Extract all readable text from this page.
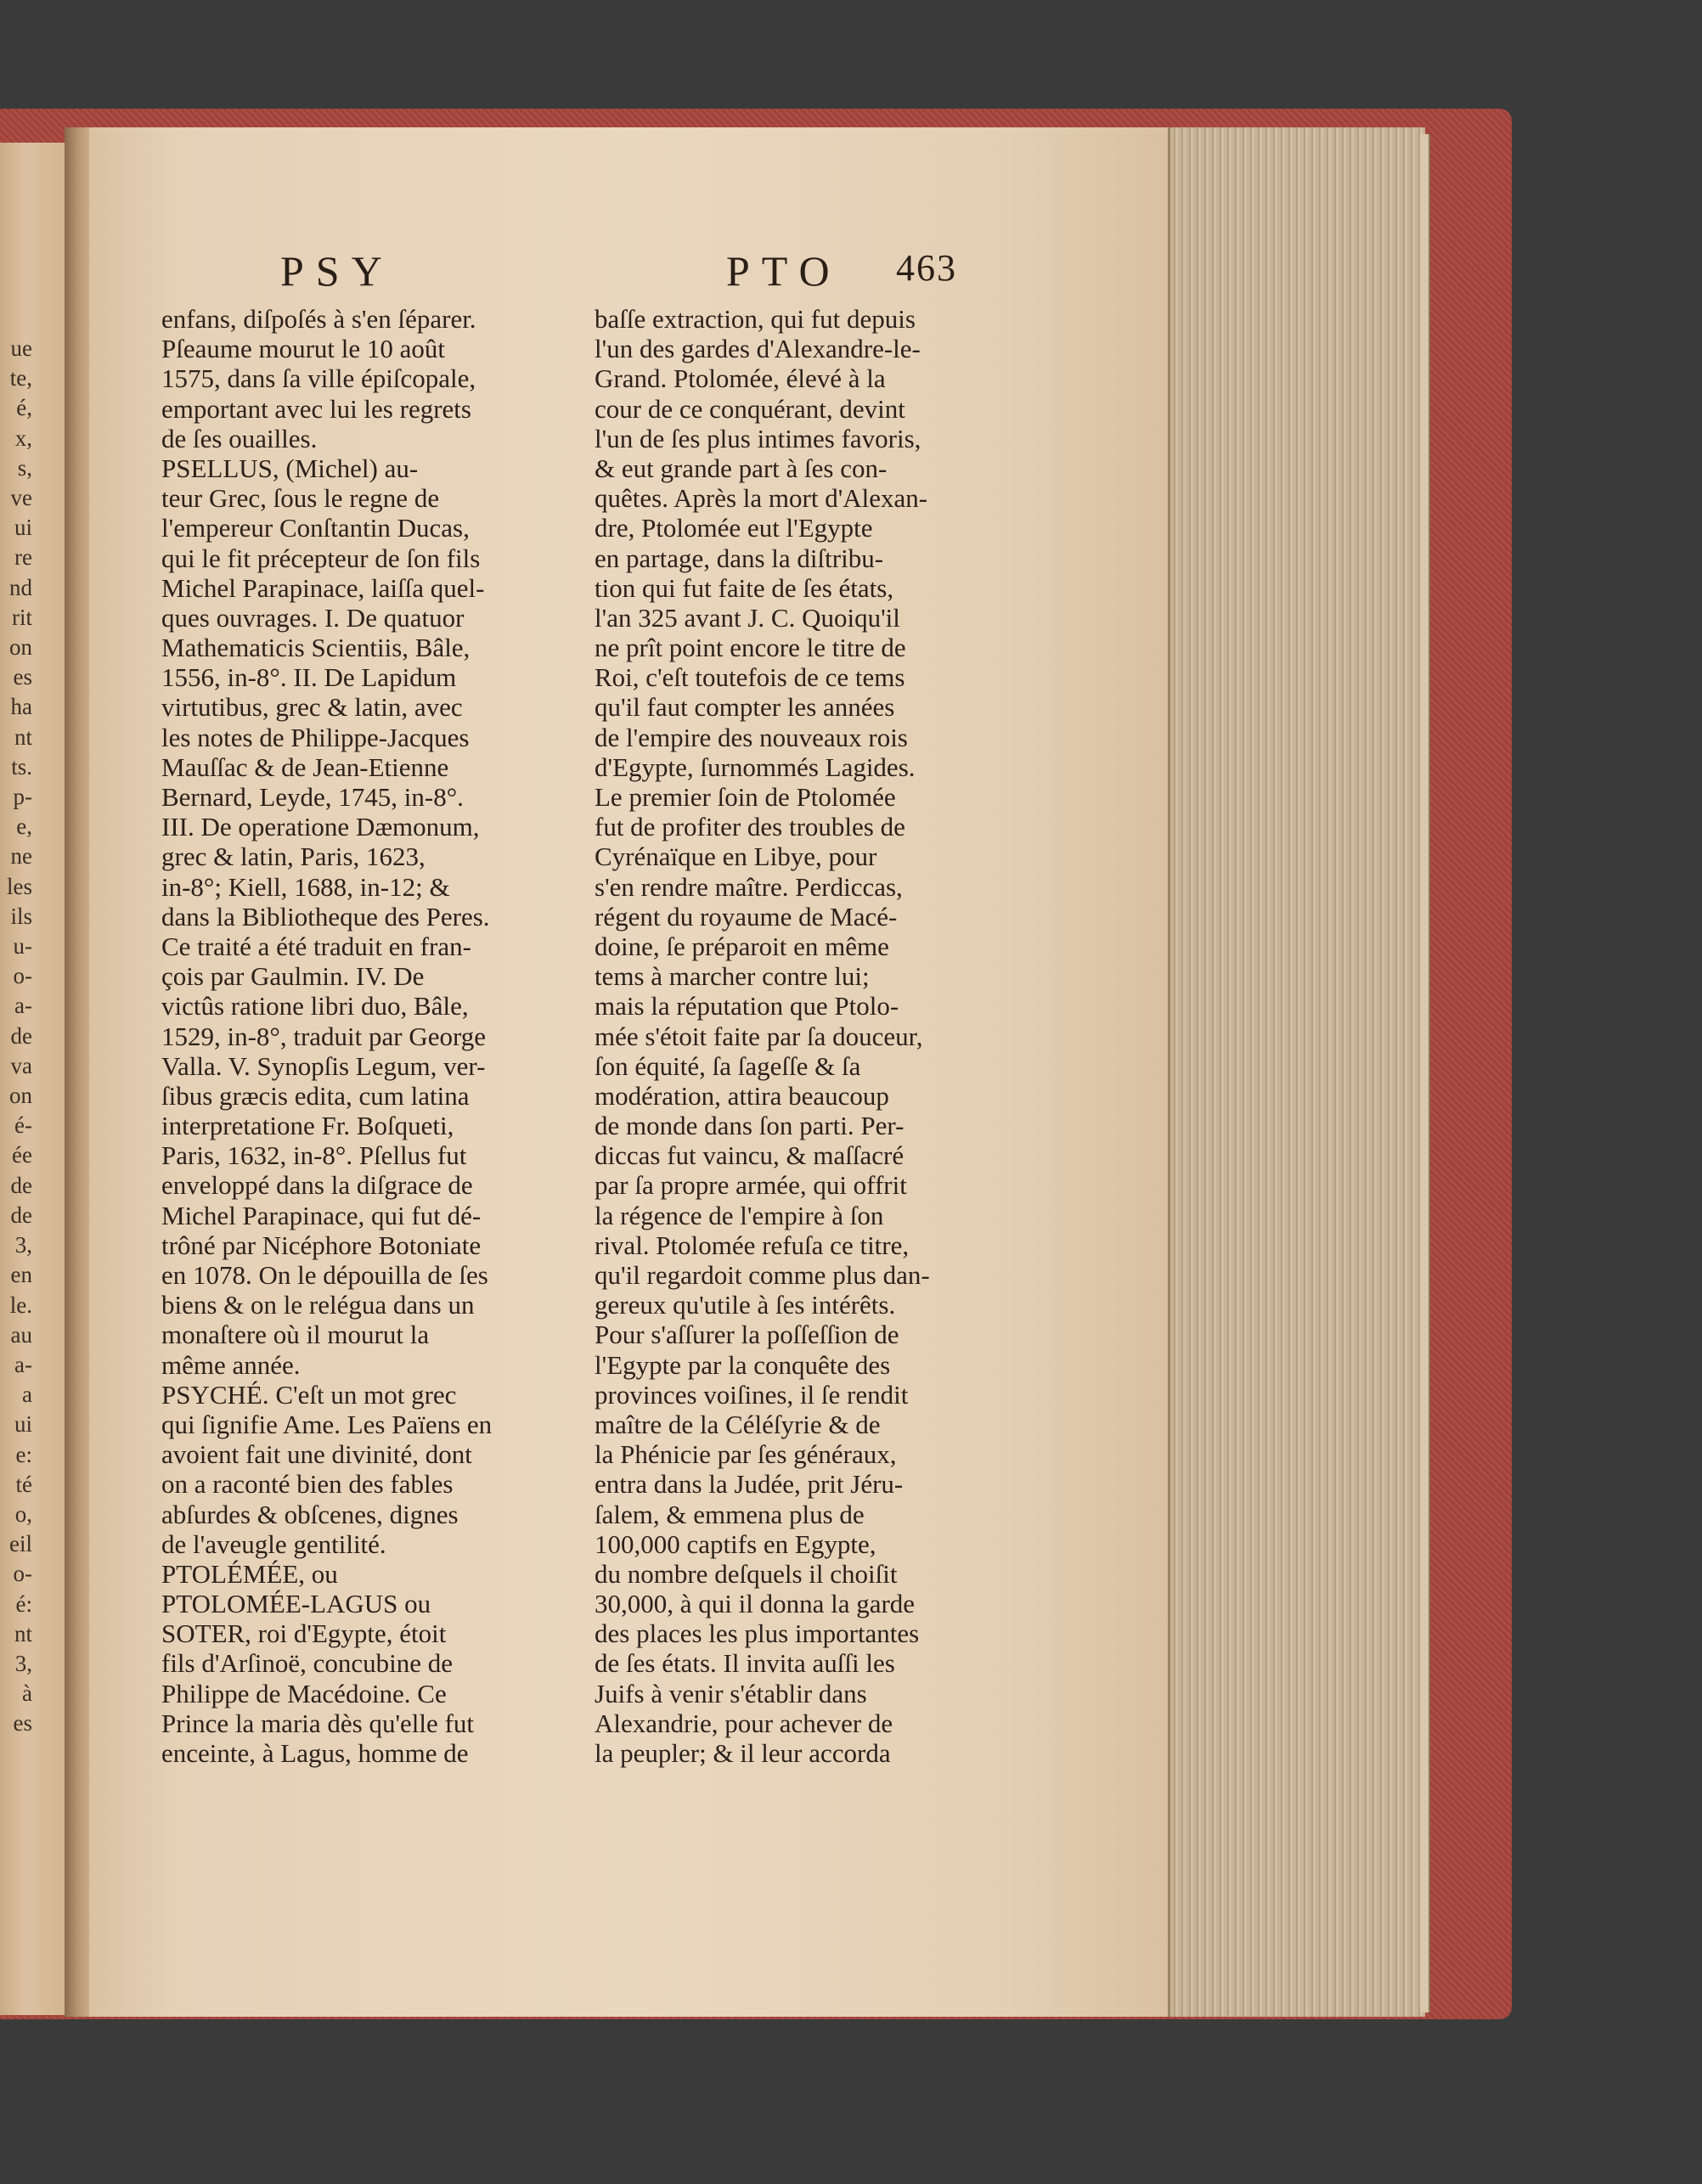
ue
te,
é,
x,
s,
ve
ui
re
nd
rit
on
es
ha
nt
ts.
p-
e,
ne
les
ils
u-
o-
a-
de
va
on
é-
ée
de
de
3,
en
le.
au
a-
a
ui
e:
té
o,
eil
o-
é:
nt
3,
à
es
PSY	PTO 463
enfans, diſpoſés à s'en ſéparer.
Pſeaume mourut le 10 août
1575, dans ſa ville épiſcopale,
emportant avec lui les regrets
de ſes ouailles.
PSELLUS, (Michel) au-
teur Grec, ſous le regne de
l'empereur Conſtantin Ducas,
qui le fit précepteur de ſon fils
Michel Parapinace, laiſſa quel-
ques ouvrages. I. De quatuor
Mathematicis Scientiis, Bâle,
1556, in-8°. II. De Lapidum
virtutibus, grec & latin, avec
les notes de Philippe-Jacques
Mauſſac & de Jean-Etienne
Bernard, Leyde, 1745, in-8°.
III. De operatione Dæmonum,
grec & latin, Paris, 1623,
in-8°; Kiell, 1688, in-12; &
dans la Bibliotheque des Peres.
Ce traité a été traduit en fran-
çois par Gaulmin. IV. De
victûs ratione libri duo, Bâle,
1529, in-8°, traduit par George
Valla. V. Synopſis Legum, ver-
ſibus græcis edita, cum latina
interpretatione Fr. Boſqueti,
Paris, 1632, in-8°. Pſellus fut
enveloppé dans la diſgrace de
Michel Parapinace, qui fut dé-
trôné par Nicéphore Botoniate
en 1078. On le dépouilla de ſes
biens & on le relégua dans un
monaſtere où il mourut la
même année.
PSYCHÉ. C'eſt un mot grec
qui ſignifie Ame. Les Païens en
avoient fait une divinité, dont
on a raconté bien des fables
abſurdes & obſcenes, dignes
de l'aveugle gentilité.
PTOLÉMÉE, ou
PTOLOMÉE-LAGUS ou
SOTER, roi d'Egypte, étoit
fils d'Arſinoë, concubine de
Philippe de Macédoine. Ce
Prince la maria dès qu'elle fut
enceinte, à Lagus, homme de
baſſe extraction, qui fut depuis
l'un des gardes d'Alexandre-le-
Grand. Ptolomée, élevé à la
cour de ce conquérant, devint
l'un de ſes plus intimes favoris,
& eut grande part à ſes con-
quêtes. Après la mort d'Alexan-
dre, Ptolomée eut l'Egypte
en partage, dans la diſtribu-
tion qui fut faite de ſes états,
l'an 325 avant J. C. Quoiqu'il
ne prît point encore le titre de
Roi, c'eſt toutefois de ce tems
qu'il faut compter les années
de l'empire des nouveaux rois
d'Egypte, ſurnommés Lagides.
Le premier ſoin de Ptolomée
fut de profiter des troubles de
Cyrénaïque en Libye, pour
s'en rendre maître. Perdiccas,
régent du royaume de Macé-
doine, ſe préparoit en même
tems à marcher contre lui;
mais la réputation que Ptolo-
mée s'étoit faite par ſa douceur,
ſon équité, ſa ſageſſe & ſa
modération, attira beaucoup
de monde dans ſon parti. Per-
diccas fut vaincu, & maſſacré
par ſa propre armée, qui offrit
la régence de l'empire à ſon
rival. Ptolomée refuſa ce titre,
qu'il regardoit comme plus dan-
gereux qu'utile à ſes intérêts.
Pour s'aſſurer la poſſeſſion de
l'Egypte par la conquête des
provinces voiſines, il ſe rendit
maître de la Céléſyrie & de
la Phénicie par ſes généraux,
entra dans la Judée, prit Jéru-
ſalem, & emmena plus de
100,000 captifs en Egypte,
du nombre deſquels il choiſit
30,000, à qui il donna la garde
des places les plus importantes
de ſes états. Il invita auſſi les
Juifs à venir s'établir dans
Alexandrie, pour achever de
la peupler; & il leur accorda
